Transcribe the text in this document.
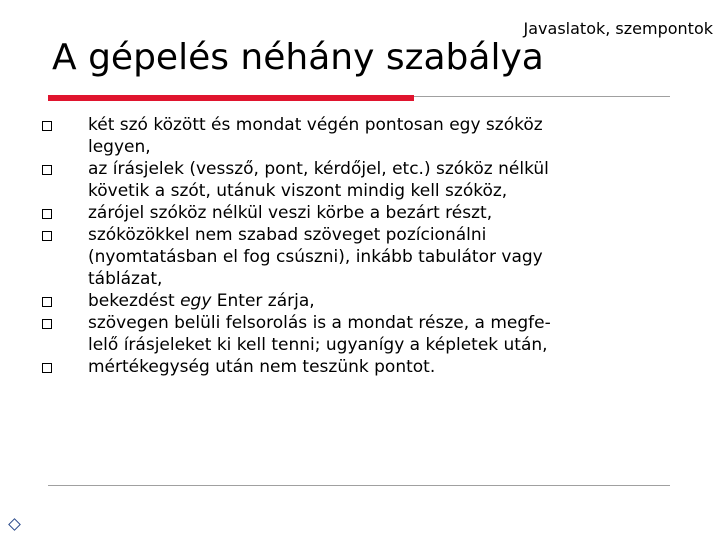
Javaslatok, szempontok
A gépelés néhány szabálya
két szó között és mondat végén pontosan egy szóköz
legyen,
az írásjelek (vessző, pont, kérdőjel, etc.) szóköz nélkül
követik a szót, utánuk viszont mindig kell szóköz,
zárójel szóköz nélkül veszi körbe a bezárt részt,
szóközökkel nem szabad szöveget pozícionálni
(nyomtatásban el fog csúszni), inkább tabulátor vagy
táblázat,
bekezdést egy Enter zárja,
szövegen belüli felsorolás is a mondat része, a megfe-
lelő írásjeleket ki kell tenni; ugyanígy a képletek után,
mértékegység után nem teszünk pontot.
